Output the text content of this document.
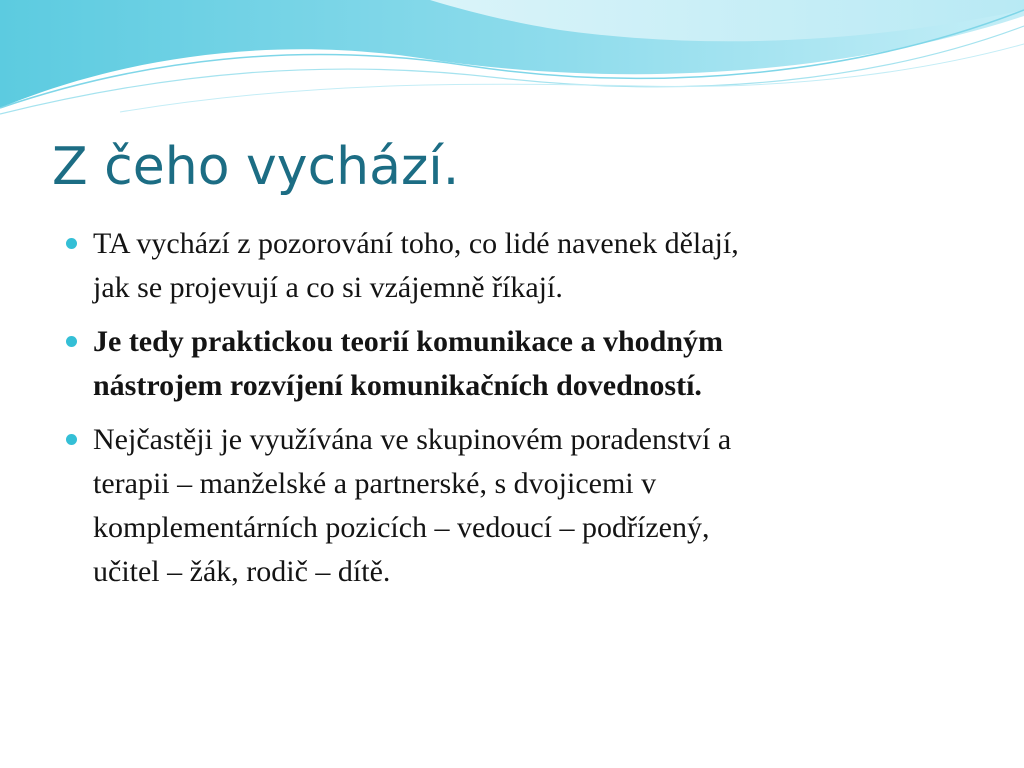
Z čeho vychází.
TA vychází z pozorování toho, co lidé navenek dělají,
jak se projevují a co si vzájemně říkají.
Je tedy praktickou teorií komunikace a vhodným
nástrojem rozvíjení komunikačních dovedností.
Nejčastěji je využívána ve skupinovém poradenství a
terapii – manželské a partnerské, s dvojicemi v
komplementárních pozicích – vedoucí – podřízený,
učitel – žák, rodič – dítě.
